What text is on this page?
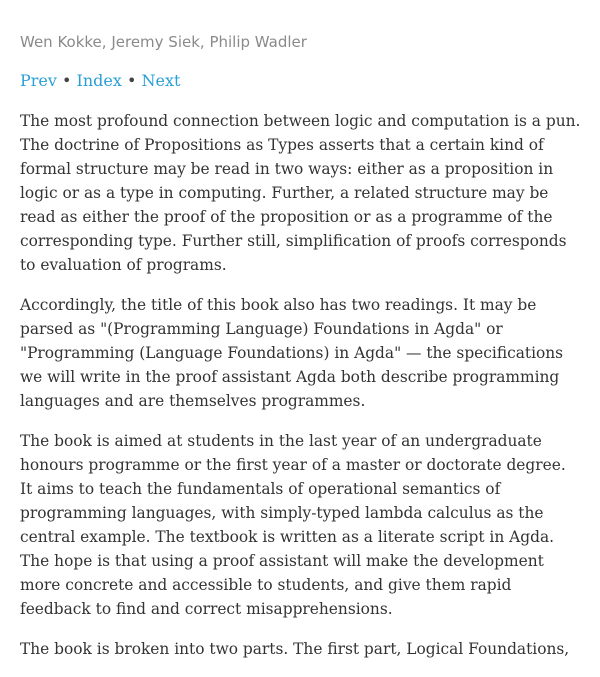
Wen Kokke, Jeremy Siek, Philip Wadler

Prev • Index • Next

The most profound connection between logic and computation is a pun. The doctrine of Propositions as Types asserts that a certain kind of formal structure may be read in two ways: either as a proposition in logic or as a type in computing. Further, a related structure may be read as either the proof of the proposition or as a programme of the corresponding type. Further still, simplification of proofs corresponds to evaluation of programs.

Accordingly, the title of this book also has two readings. It may be parsed as "(Programming Language) Foundations in Agda" or "Programming (Language Foundations) in Agda" — the specifications we will write in the proof assistant Agda both describe programming languages and are themselves programmes.

The book is aimed at students in the last year of an undergraduate honours programme or the first year of a master or doctorate degree. It aims to teach the fundamentals of operational semantics of programming languages, with simply-typed lambda calculus as the central example. The textbook is written as a literate script in Agda. The hope is that using a proof assistant will make the development more concrete and accessible to students, and give them rapid feedback to find and correct misapprehensions.

The book is broken into two parts. The first part, Logical Foundations,
